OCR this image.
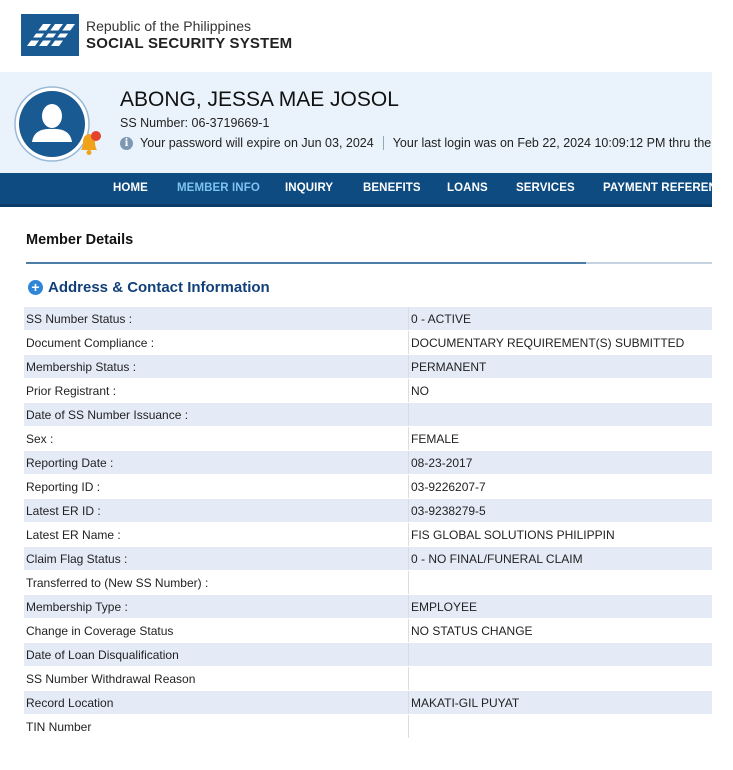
Republic of the Philippines
SOCIAL SECURITY SYSTEM
ABONG, JESSA MAE JOSOL
SS Number: 06-3719669-1
i Your password will expire on Jun 03, 2024 Your last login was on Feb 22, 2024 10:09:12 PM thru the
HOME	MEMBER INFO INQUIRY	BENEFITS LOANS SERVICES PAYMENT REFERENCE
Member Details
+ Address & Contact Information
SS Number Status :	0 - ACTIVE
Document Compliance :	DOCUMENTARY REQUIREMENT(S) SUBMITTED
Membership Status :	PERMANENT
Prior Registrant :	NO
Date of SS Number Issuance :	
Sex :	FEMALE
Reporting Date :	08-23-2017
Reporting ID :	03-9226207-7
Latest ER ID :	03-9238279-5
Latest ER Name :	FIS GLOBAL SOLUTIONS PHILIPPIN
Claim Flag Status :	0 - NO FINAL/FUNERAL CLAIM
Transferred to (New SS Number) :	
Membership Type :	EMPLOYEE
Change in Coverage Status	NO STATUS CHANGE
Date of Loan Disqualification	
SS Number Withdrawal Reason	
Record Location	MAKATI-GIL PUYAT
TIN Number	
